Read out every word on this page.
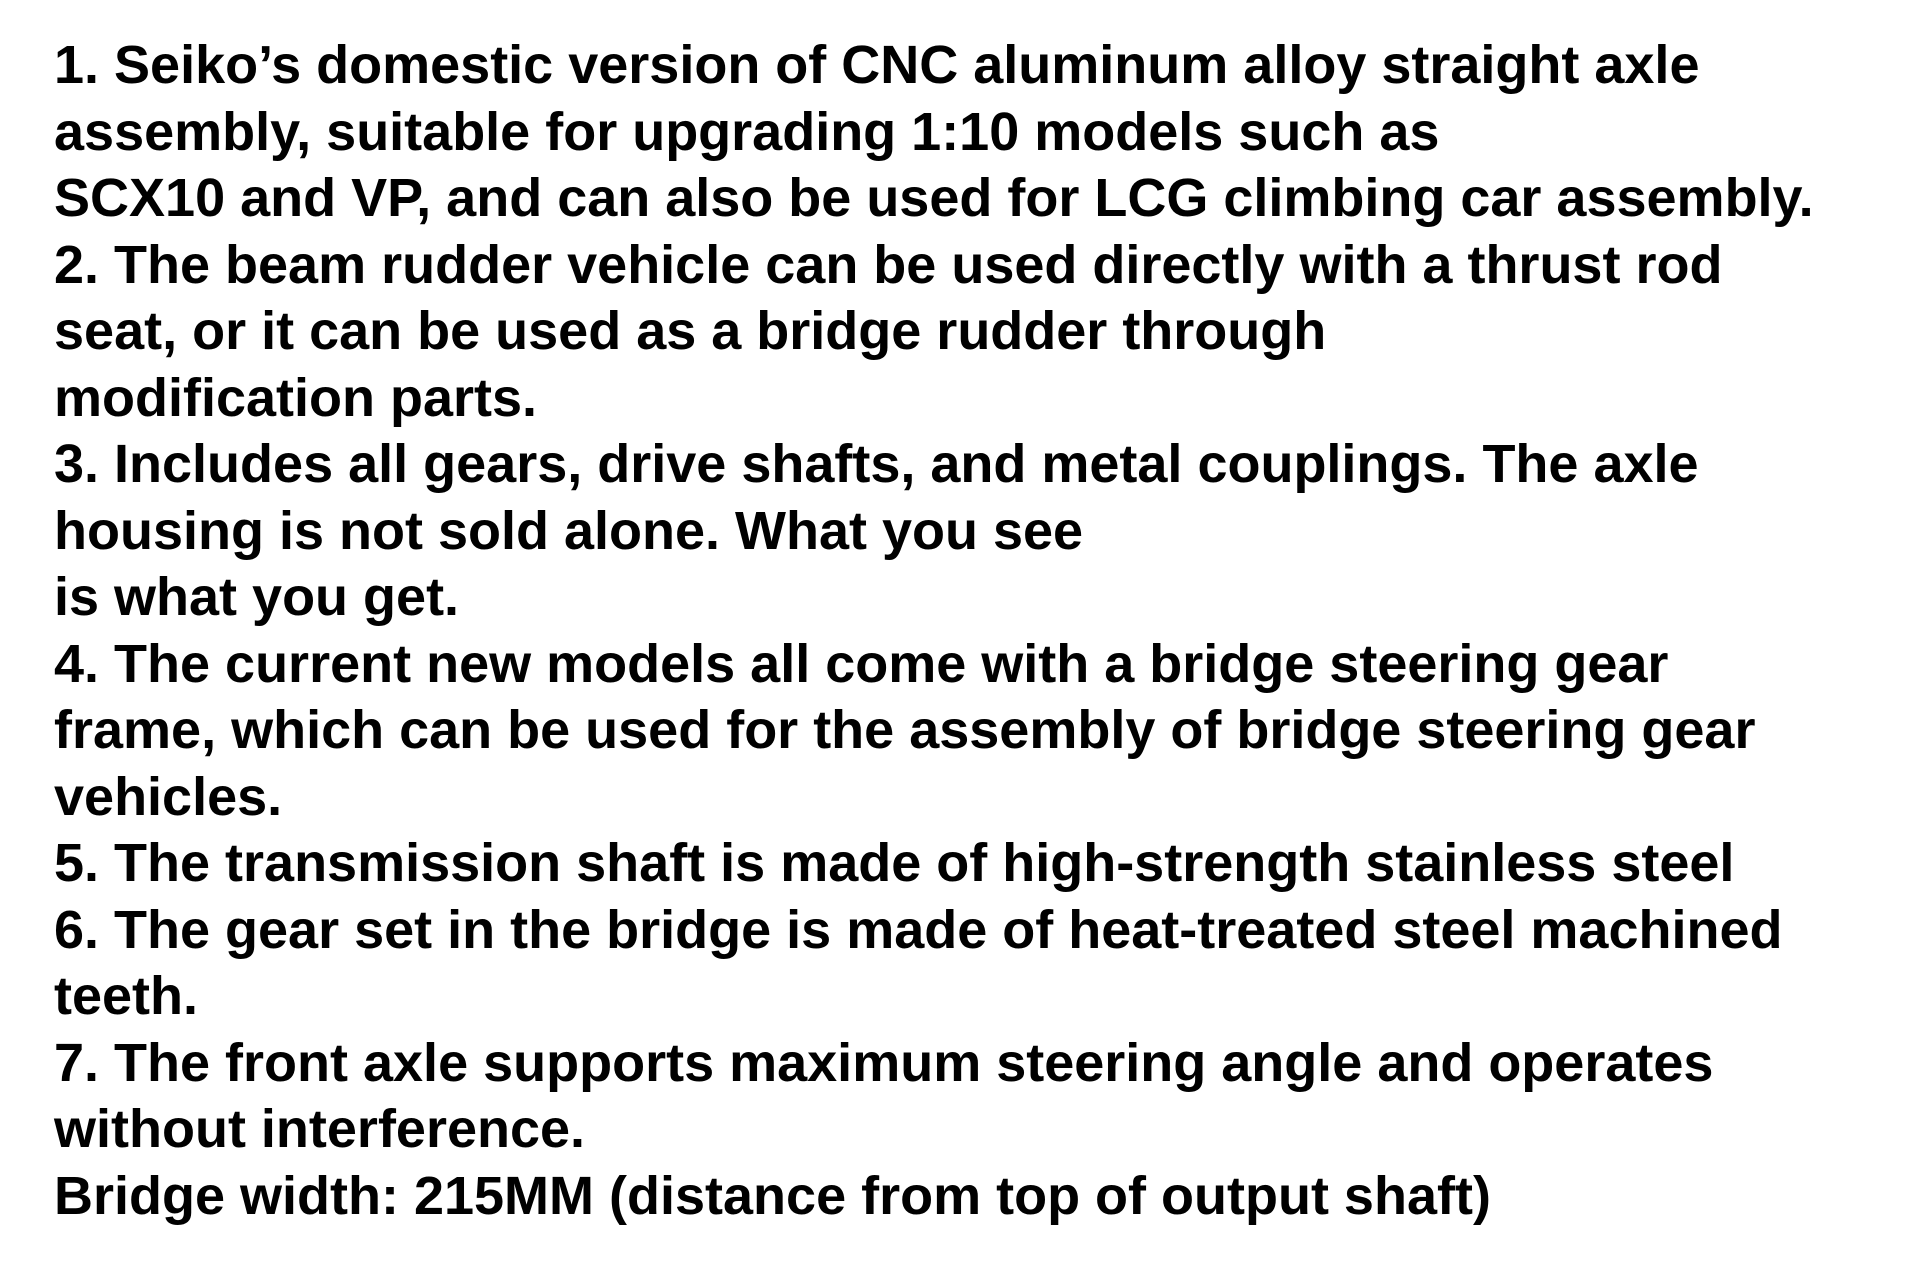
1. Seiko’s domestic version of CNC aluminum alloy straight axle
assembly, suitable for upgrading 1:10 models such as
SCX10 and VP, and can also be used for LCG climbing car assembly.
2. The beam rudder vehicle can be used directly with a thrust rod
seat, or it can be used as a bridge rudder through
modification parts.
3. Includes all gears, drive shafts, and metal couplings. The axle
housing is not sold alone. What you see
is what you get.
4. The current new models all come with a bridge steering gear
frame, which can be used for the assembly of bridge steering gear
vehicles.
5. The transmission shaft is made of high-strength stainless steel
6. The gear set in the bridge is made of heat-treated steel machined
teeth.
7. The front axle supports maximum steering angle and operates
without interference.
Bridge width: 215MM (distance from top of output shaft)
